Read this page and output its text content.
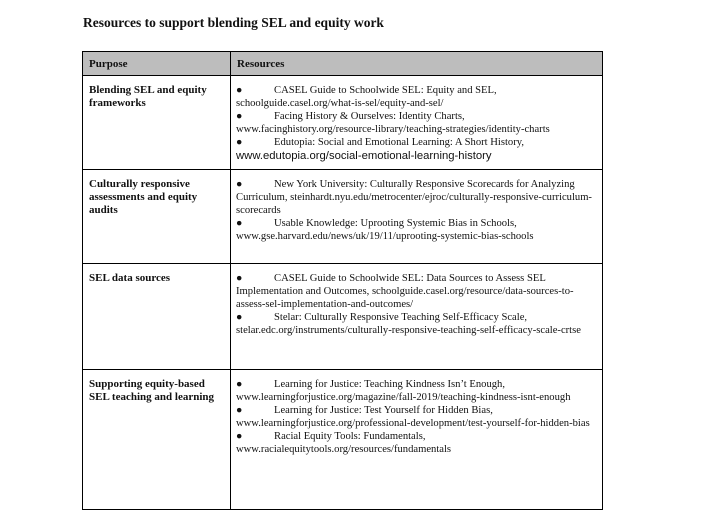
Resources to support blending SEL and equity work
Purpose	Resources
Blending SEL and equity frameworks	● CASEL Guide to Schoolwide SEL: Equity and SEL, schoolguide.casel.org/what-is-sel/equity-and-sel/
● Facing History & Ourselves: Identity Charts, www.facinghistory.org/resource-library/teaching-strategies/identity-charts
● Edutopia: Social and Emotional Learning: A Short History, www.edutopia.org/social-emotional-learning-history

Culturally responsive assessments and equity audits	● New York University: Culturally Responsive Scorecards for Analyzing Curriculum, steinhardt.nyu.edu/metrocenter/ejroc/culturally-responsive-curriculum-scorecards
● Usable Knowledge: Uprooting Systemic Bias in Schools, www.gse.harvard.edu/news/uk/19/11/uprooting-systemic-bias-schools

SEL data sources	● CASEL Guide to Schoolwide SEL: Data Sources to Assess SEL Implementation and Outcomes, schoolguide.casel.org/resource/data-sources-to-assess-sel-implementation-and-outcomes/
● Stelar: Culturally Responsive Teaching Self-Efficacy Scale, stelar.edc.org/instruments/culturally-responsive-teaching-self-efficacy-scale-crtse

Supporting equity-based SEL teaching and learning	● Learning for Justice: Teaching Kindness Isn’t Enough, www.learningforjustice.org/magazine/fall-2019/teaching-kindness-isnt-enough
● Learning for Justice: Test Yourself for Hidden Bias, www.learningforjustice.org/professional-development/test-yourself-for-hidden-bias
● Racial Equity Tools: Fundamentals, www.racialequitytools.org/resources/fundamentals
